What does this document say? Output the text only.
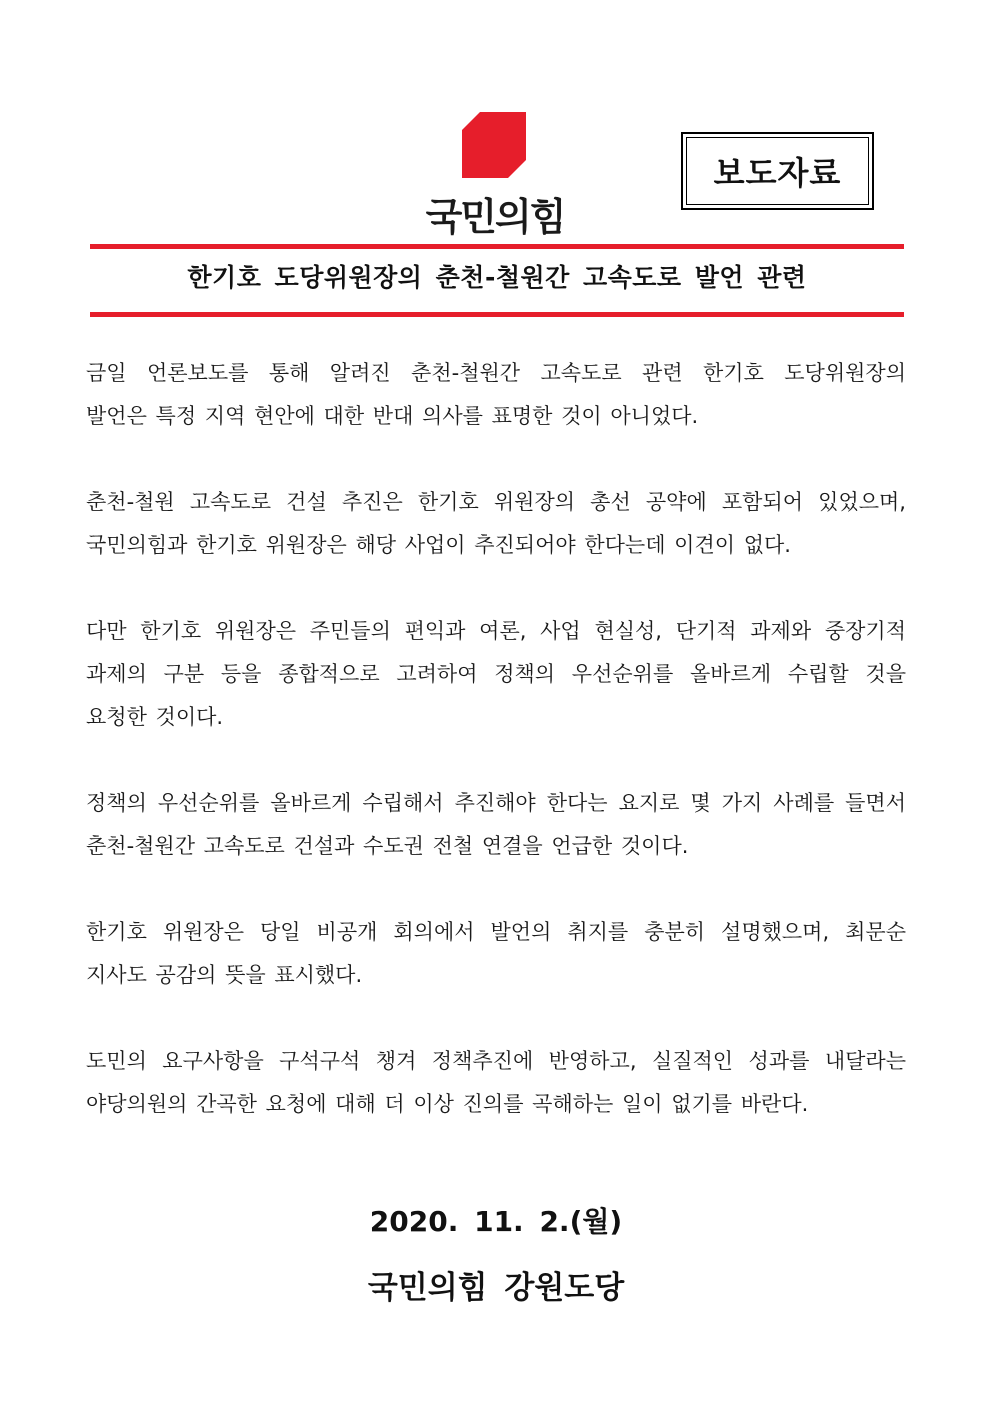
국민의힘
보도자료
한기호 도당위원장의 춘천-철원간 고속도로 발언 관련

금일 언론보도를 통해 알려진 춘천-철원간 고속도로 관련 한기호 도당위원장의
발언은 특정 지역 현안에 대한 반대 의사를 표명한 것이 아니었다.

춘천-철원 고속도로 건설 추진은 한기호 위원장의 총선 공약에 포함되어 있었으며,
국민의힘과 한기호 위원장은 해당 사업이 추진되어야 한다는데 이견이 없다.

다만 한기호 위원장은 주민들의 편익과 여론, 사업 현실성, 단기적 과제와 중장기적
과제의 구분 등을 종합적으로 고려하여 정책의 우선순위를 올바르게 수립할 것을
요청한 것이다.

정책의 우선순위를 올바르게 수립해서 추진해야 한다는 요지로 몇 가지 사례를 들면서
춘천-철원간 고속도로 건설과 수도권 전철 연결을 언급한 것이다.

한기호 위원장은 당일 비공개 회의에서 발언의 취지를 충분히 설명했으며, 최문순
지사도 공감의 뜻을 표시했다.

도민의 요구사항을 구석구석 챙겨 정책추진에 반영하고, 실질적인 성과를 내달라는
야당의원의 간곡한 요청에 대해 더 이상 진의를 곡해하는 일이 없기를 바란다.

2020. 11. 2.(월)
국민의힘 강원도당
